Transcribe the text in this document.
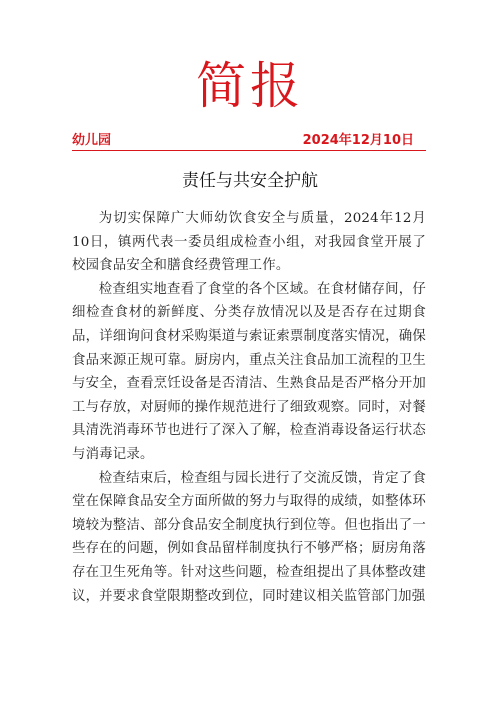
简报
幼儿园	2024年12月10日
责任与共安全护航

为切实保障广大师幼饮食安全与质量，2024年12月10日，镇两代表一委员组成检查小组，对我园食堂开展了校园食品安全和膳食经费管理工作。

检查组实地查看了食堂的各个区域。在食材储存间，仔细检查食材的新鲜度、分类存放情况以及是否存在过期食品，详细询问食材采购渠道与索证索票制度落实情况，确保食品来源正规可靠。厨房内，重点关注食品加工流程的卫生与安全，查看烹饪设备是否清洁、生熟食品是否严格分开加工与存放，对厨师的操作规范进行了细致观察。同时，对餐具清洗消毒环节也进行了深入了解，检查消毒设备运行状态与消毒记录。

检查结束后，检查组与园长进行了交流反馈，肯定了食堂在保障食品安全方面所做的努力与取得的成绩，如整体环境较为整洁、部分食品安全制度执行到位等。但也指出了一些存在的问题，例如食品留样制度执行不够严格；厨房角落存在卫生死角等。针对这些问题，检查组提出了具体整改建议，并要求食堂限期整改到位，同时建议相关监管部门加强
